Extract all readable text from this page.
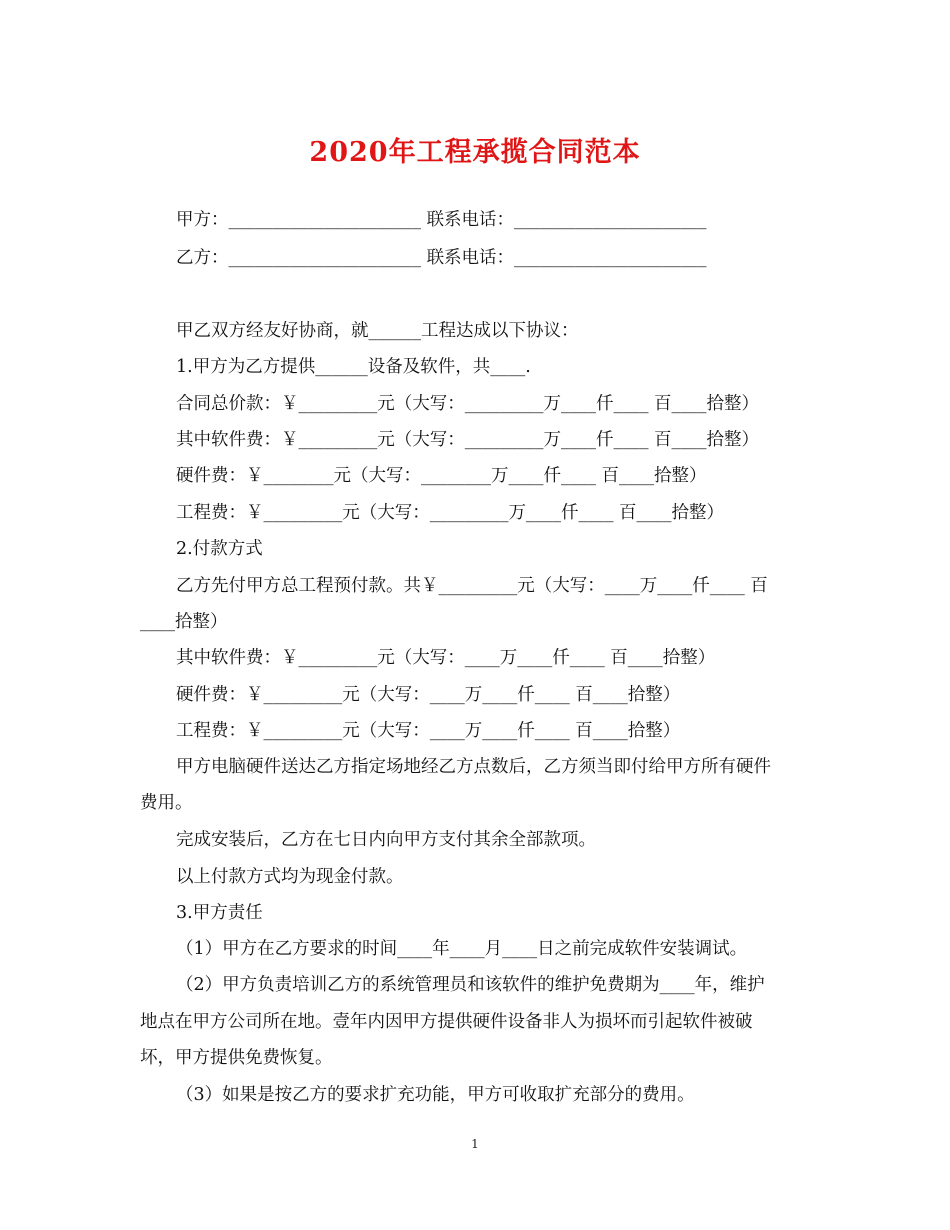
2020年工程承揽合同范本
甲方：______________________ 联系电话：______________________
乙方：______________________ 联系电话：______________________
甲乙双方经友好协商，就______工程达成以下协议：
1.甲方为乙方提供______设备及软件，共____.
合同总价款：￥_________元（大写：_________万____仟____ 百____拾整）
其中软件费：￥_________元（大写：_________万____仟____ 百____拾整）
硬件费：￥________元（大写：________万____仟____ 百____拾整）
工程费：￥_________元（大写：_________万____仟____ 百____拾整）
2.付款方式
乙方先付甲方总工程预付款。共￥_________元（大写：____万____仟____ 百
____拾整）
其中软件费：￥_________元（大写：____万____仟____ 百____拾整）
硬件费：￥_________元（大写：____万____仟____ 百____拾整）
工程费：￥_________元（大写：____万____仟____ 百____拾整）
甲方电脑硬件送达乙方指定场地经乙方点数后，乙方须当即付给甲方所有硬件
费用。
完成安装后，乙方在七日内向甲方支付其余全部款项。
以上付款方式均为现金付款。
3.甲方责任
（1）甲方在乙方要求的时间____年____月____日之前完成软件安装调试。
（2）甲方负责培训乙方的系统管理员和该软件的维护免费期为____年，维护
地点在甲方公司所在地。壹年内因甲方提供硬件设备非人为损坏而引起软件被破
坏，甲方提供免费恢复。
（3）如果是按乙方的要求扩充功能，甲方可收取扩充部分的费用。
1
